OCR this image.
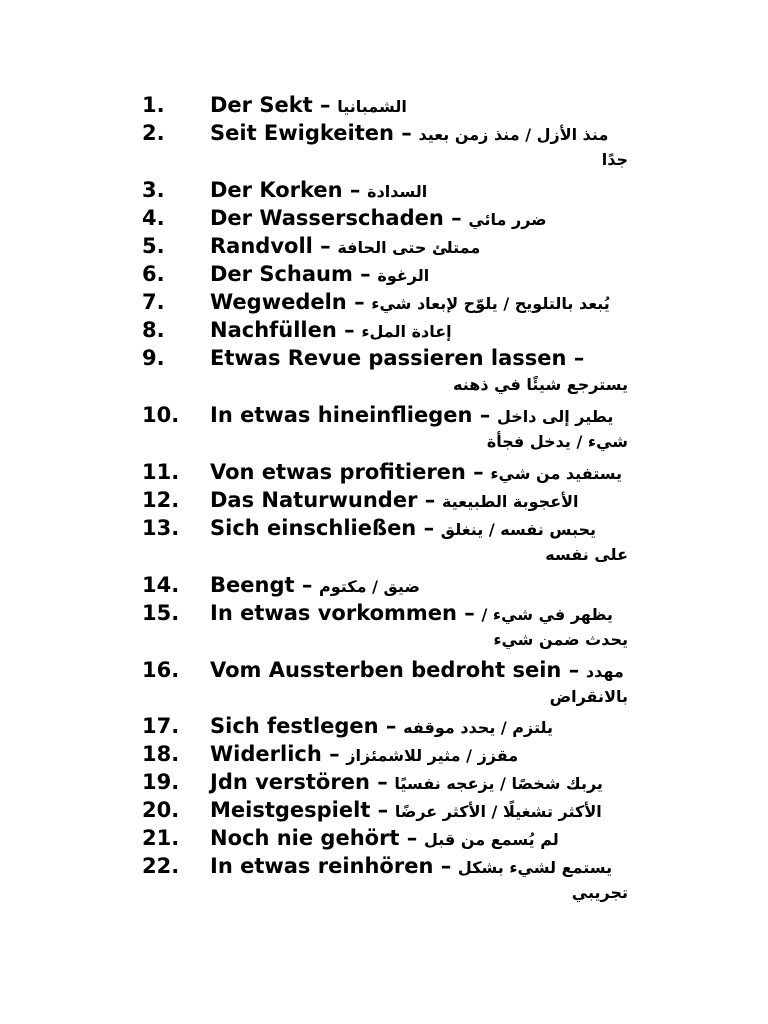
1. Der Sekt – الشمبانيا
2. Seit Ewigkeiten – منذ الأزل / منذ زمن بعيد
جدًا
3. Der Korken – السدادة
4. Der Wasserschaden – ضرر مائي
5. Randvoll – ممتلئ حتى الحافة
6. Der Schaum – الرغوة
7. Wegwedeln – يُبعد بالتلويح / يلوّح لإبعاد شيء
8. Nachfüllen – إعادة الملء
9. Etwas Revue passieren lassen –
يسترجع شيئًا في ذهنه
10. In etwas hineinfliegen – يطير إلى داخل
شيء / يدخل فجأة
11. Von etwas profitieren – يستفيد من شيء
12. Das Naturwunder – الأعجوبة الطبيعية
13. Sich einschließen – يحبس نفسه / ينغلق
على نفسه
14. Beengt – ضيق / مكتوم
15. In etwas vorkommen – يظهر في شيء /
يحدث ضمن شيء
16. Vom Aussterben bedroht sein – مهدد
بالانقراض
17. Sich festlegen – يلتزم / يحدد موقفه
18. Widerlich – مقزز / مثير للاشمئزاز
19. Jdn verstören – يربك شخصًا / يزعجه نفسيًا
20. Meistgespielt – الأكثر تشغيلًا / الأكثر عرضًا
21. Noch nie gehört – لم يُسمع من قبل
22. In etwas reinhören – يستمع لشيء بشكل
تجريبي
